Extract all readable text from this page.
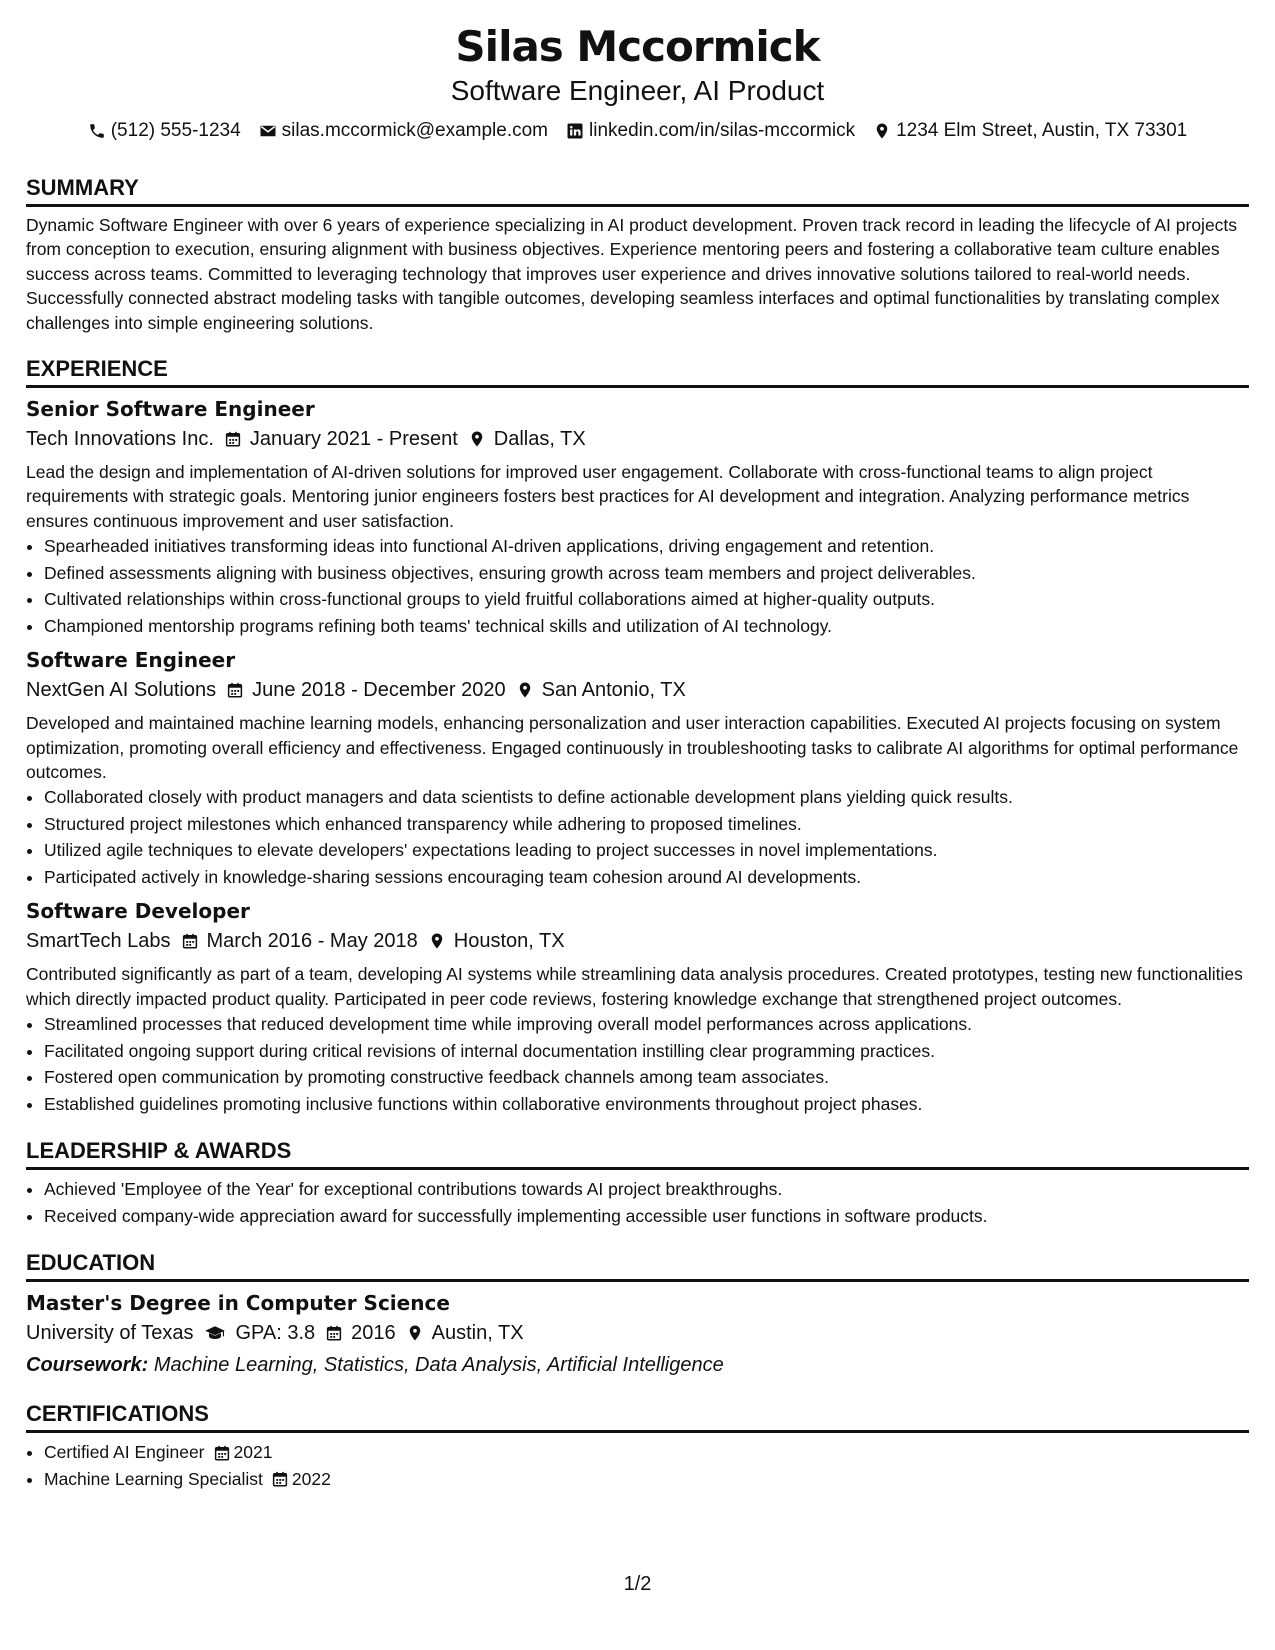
Silas Mccormick
Software Engineer, AI Product
(512) 555-1234 silas.mccormick@example.com linkedin.com/in/silas-mccormick 1234 Elm Street, Austin, TX 73301
SUMMARY

Dynamic Software Engineer with over 6 years of experience specializing in AI product development. Proven track record in leading the lifecycle of AI projects from conception to execution, ensuring alignment with business objectives. Experience mentoring peers and fostering a collaborative team culture enables success across teams. Committed to leveraging technology that improves user experience and drives innovative solutions tailored to real-world needs. Successfully connected abstract modeling tasks with tangible outcomes, developing seamless interfaces and optimal functionalities by translating complex challenges into simple engineering solutions.

EXPERIENCE
Senior Software Engineer
Tech Innovations Inc. January 2021 - Present Dallas, TX

Lead the design and implementation of AI-driven solutions for improved user engagement. Collaborate with cross-functional teams to align project requirements with strategic goals. Mentoring junior engineers fosters best practices for AI development and integration. Analyzing performance metrics ensures continuous improvement and user satisfaction.

• Spearheaded initiatives transforming ideas into functional AI-driven applications, driving engagement and retention.
• Defined assessments aligning with business objectives, ensuring growth across team members and project deliverables.
• Cultivated relationships within cross-functional groups to yield fruitful collaborations aimed at higher-quality outputs.
• Championed mentorship programs refining both teams' technical skills and utilization of AI technology.
Software Engineer
NextGen AI Solutions June 2018 - December 2020 San Antonio, TX

Developed and maintained machine learning models, enhancing personalization and user interaction capabilities. Executed AI projects focusing on system optimization, promoting overall efficiency and effectiveness. Engaged continuously in troubleshooting tasks to calibrate AI algorithms for optimal performance outcomes.

• Collaborated closely with product managers and data scientists to define actionable development plans yielding quick results.
• Structured project milestones which enhanced transparency while adhering to proposed timelines.
• Utilized agile techniques to elevate developers' expectations leading to project successes in novel implementations.
• Participated actively in knowledge-sharing sessions encouraging team cohesion around AI developments.
Software Developer
SmartTech Labs March 2016 - May 2018 Houston, TX

Contributed significantly as part of a team, developing AI systems while streamlining data analysis procedures. Created prototypes, testing new functionalities which directly impacted product quality. Participated in peer code reviews, fostering knowledge exchange that strengthened project outcomes.

• Streamlined processes that reduced development time while improving overall model performances across applications.
• Facilitated ongoing support during critical revisions of internal documentation instilling clear programming practices.
• Fostered open communication by promoting constructive feedback channels among team associates.
• Established guidelines promoting inclusive functions within collaborative environments throughout project phases.
LEADERSHIP & AWARDS
• Achieved 'Employee of the Year' for exceptional contributions towards AI project breakthroughs.
• Received company-wide appreciation award for successfully implementing accessible user functions in software products.
EDUCATION
Master's Degree in Computer Science
University of Texas GPA: 3.8 2016 Austin, TX
Coursework: Machine Learning, Statistics, Data Analysis, Artificial Intelligence
CERTIFICATIONS
• Certified AI Engineer 2021
• Machine Learning Specialist 2022
1/2
